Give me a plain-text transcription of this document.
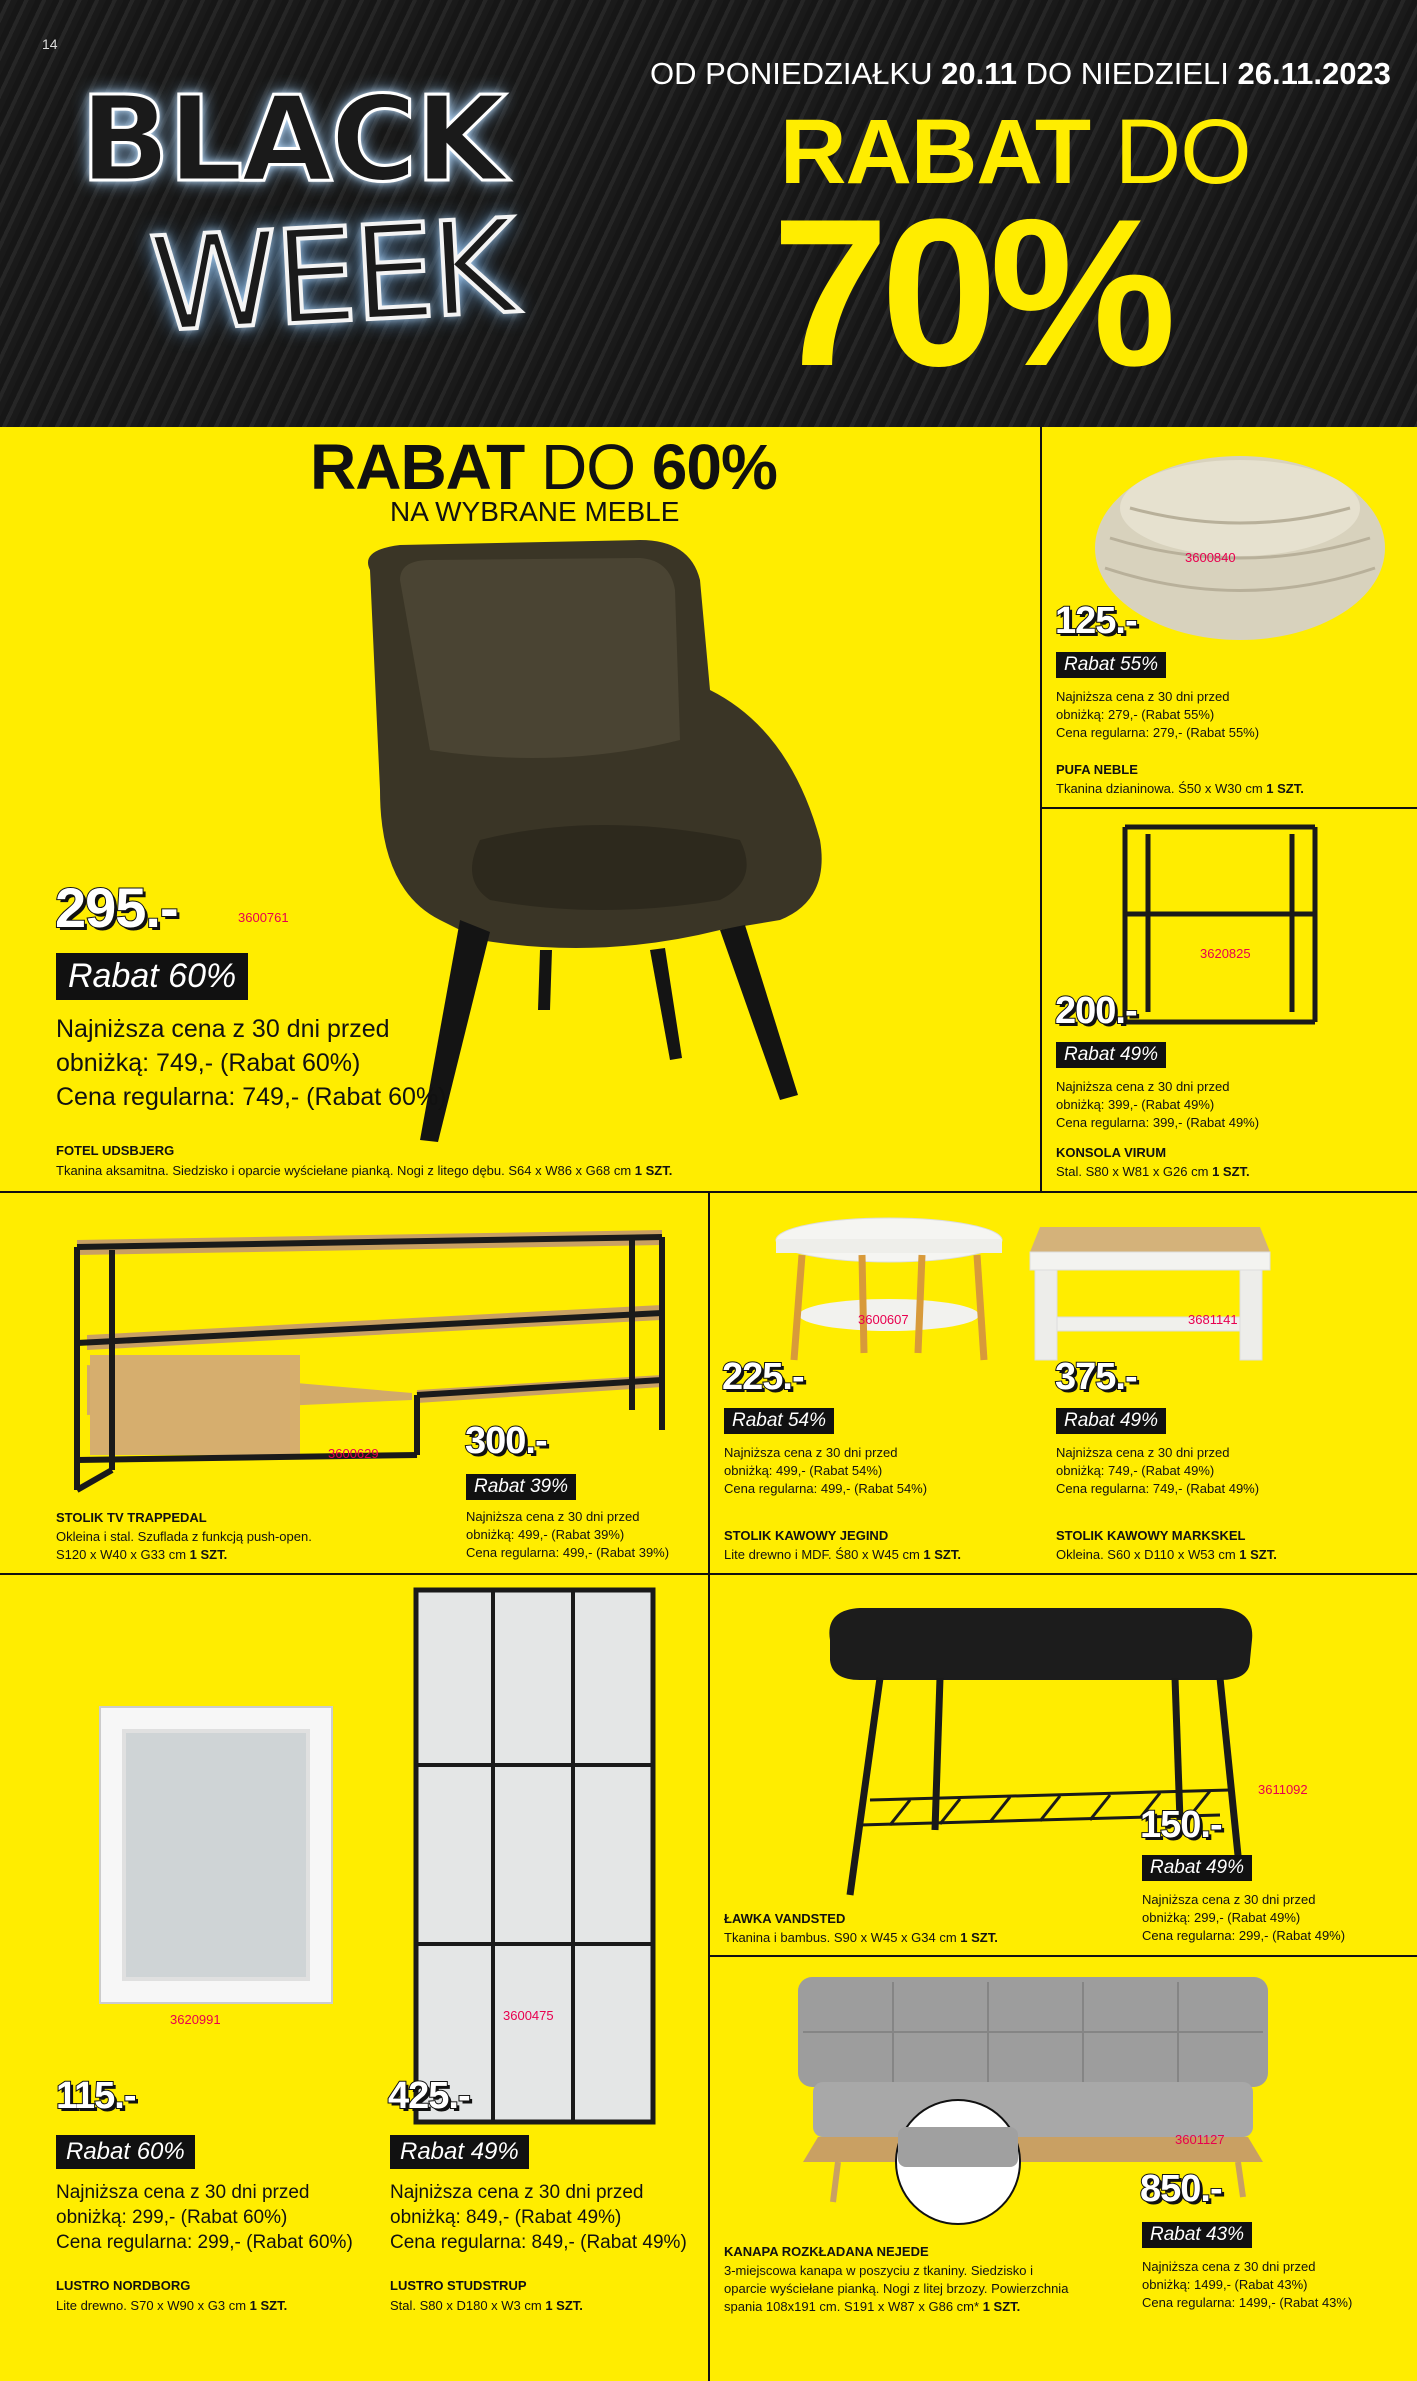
14
BLACK
WEEK
OD PONIEDZIAŁKU 20.11 DO NIEDZIELI 26.11.2023
RABAT DO
70%
RABAT DO 60%
NA WYBRANE MEBLE
295.-	3600761
Rabat 60%
Najniższa cena z 30 dni przed
obniżką: 749,- (Rabat 60%)
Cena regularna: 749,- (Rabat 60%)
FOTEL UDSBJERG
Tkanina aksamitna. Siedzisko i oparcie wyściełane pianką. Nogi z litego dębu. S64 x W86 x G68 cm 1 SZT.
3600840
125.-
Rabat 55%
Najniższa cena z 30 dni przed
obniżką: 279,- (Rabat 55%)
Cena regularna: 279,- (Rabat 55%)
PUFA NEBLE
Tkanina dzianinowa. Ś50 x W30 cm 1 SZT.
3620825
200.-
Rabat 49%
Najniższa cena z 30 dni przed
obniżką: 399,- (Rabat 49%)
Cena regularna: 399,- (Rabat 49%)
KONSOLA VIRUM
Stal. S80 x W81 x G26 cm 1 SZT.
3600629 300.-
Rabat 39%
Najniższa cena z 30 dni przed
obniżką: 499,- (Rabat 39%)
Cena regularna: 499,- (Rabat 39%)
STOLIK TV TRAPPEDAL
Okleina i stal. Szuflada z funkcją push-open.
S120 x W40 x G33 cm 1 SZT.
3600607
225.-
Rabat 54%
Najniższa cena z 30 dni przed
obniżką: 499,- (Rabat 54%)
Cena regularna: 499,- (Rabat 54%)
STOLIK KAWOWY JEGIND
Lite drewno i MDF. Ś80 x W45 cm 1 SZT.
3681141
375.-
Rabat 49%
Najniższa cena z 30 dni przed
obniżką: 749,- (Rabat 49%)
Cena regularna: 749,- (Rabat 49%)
STOLIK KAWOWY MARKSKEL
Okleina. S60 x D110 x W53 cm 1 SZT.
3620991
115.-
Rabat 60%
Najniższa cena z 30 dni przed
obniżką: 299,- (Rabat 60%)
Cena regularna: 299,- (Rabat 60%)
LUSTRO NORDBORG
Lite drewno. S70 x W90 x G3 cm 1 SZT.
3600475
425.-
Rabat 49%
Najniższa cena z 30 dni przed
obniżką: 849,- (Rabat 49%)
Cena regularna: 849,- (Rabat 49%)
LUSTRO STUDSTRUP
Stal. S80 x D180 x W3 cm 1 SZT.
3611092
150.-
Rabat 49%
Najniższa cena z 30 dni przed
obniżką: 299,- (Rabat 49%)
Cena regularna: 299,- (Rabat 49%)
ŁAWKA VANDSTED
Tkanina i bambus. S90 x W45 x G34 cm 1 SZT.
3601127
850.-
Rabat 43%
Najniższa cena z 30 dni przed
obniżką: 1499,- (Rabat 43%)
Cena regularna: 1499,- (Rabat 43%)
KANAPA ROZKŁADANA NEJEDE
3-miejscowa kanapa w poszyciu z tkaniny. Siedzisko i
oparcie wyściełane pianką. Nogi z litej brzozy. Powierzchnia
spania 108x191 cm. S191 x W87 x G86 cm* 1 SZT.
